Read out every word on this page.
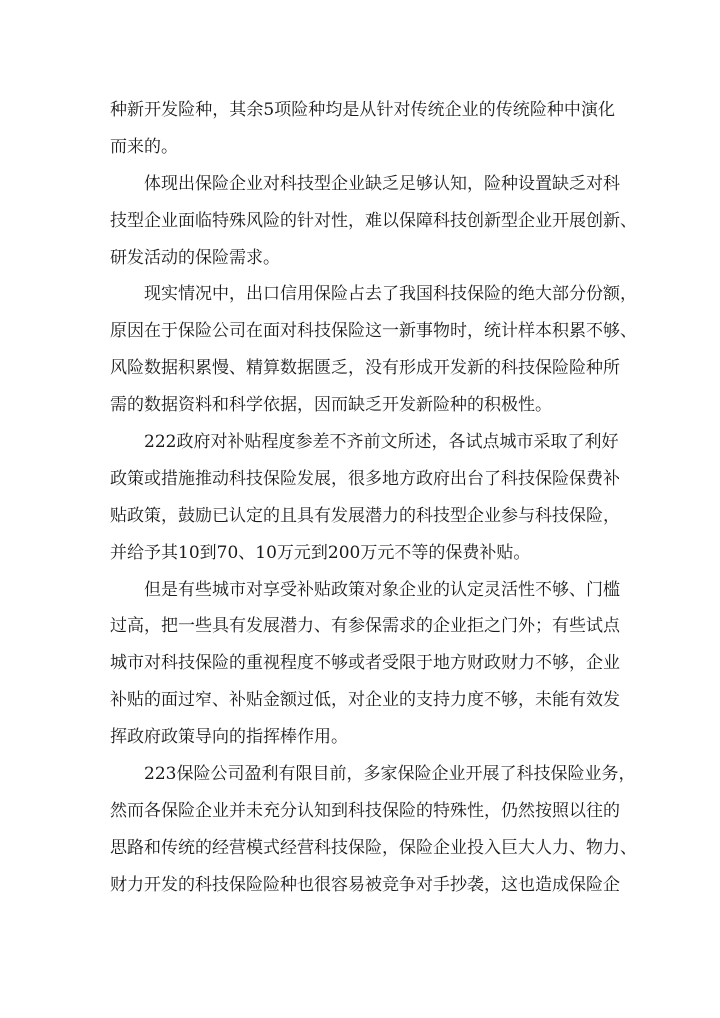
种新开发险种，其余5项险种均是从针对传统企业的传统险种中演化
而来的。
体现出保险企业对科技型企业缺乏足够认知，险种设置缺乏对科
技型企业面临特殊风险的针对性，难以保障科技创新型企业开展创新、
研发活动的保险需求。
现实情况中，出口信用保险占去了我国科技保险的绝大部分份额，
原因在于保险公司在面对科技保险这一新事物时，统计样本积累不够、
风险数据积累慢、精算数据匮乏，没有形成开发新的科技保险险种所
需的数据资料和科学依据，因而缺乏开发新险种的积极性。
222政府对补贴程度参差不齐前文所述，各试点城市采取了利好
政策或措施推动科技保险发展，很多地方政府出台了科技保险保费补
贴政策，鼓励已认定的且具有发展潜力的科技型企业参与科技保险，
并给予其10到70、10万元到200万元不等的保费补贴。
但是有些城市对享受补贴政策对象企业的认定灵活性不够、门槛
过高，把一些具有发展潜力、有参保需求的企业拒之门外；有些试点
城市对科技保险的重视程度不够或者受限于地方财政财力不够，企业
补贴的面过窄、补贴金额过低，对企业的支持力度不够，未能有效发
挥政府政策导向的指挥棒作用。
223保险公司盈利有限目前，多家保险企业开展了科技保险业务，
然而各保险企业并未充分认知到科技保险的特殊性，仍然按照以往的
思路和传统的经营模式经营科技保险，保险企业投入巨大人力、物力、
财力开发的科技保险险种也很容易被竞争对手抄袭，这也造成保险企
